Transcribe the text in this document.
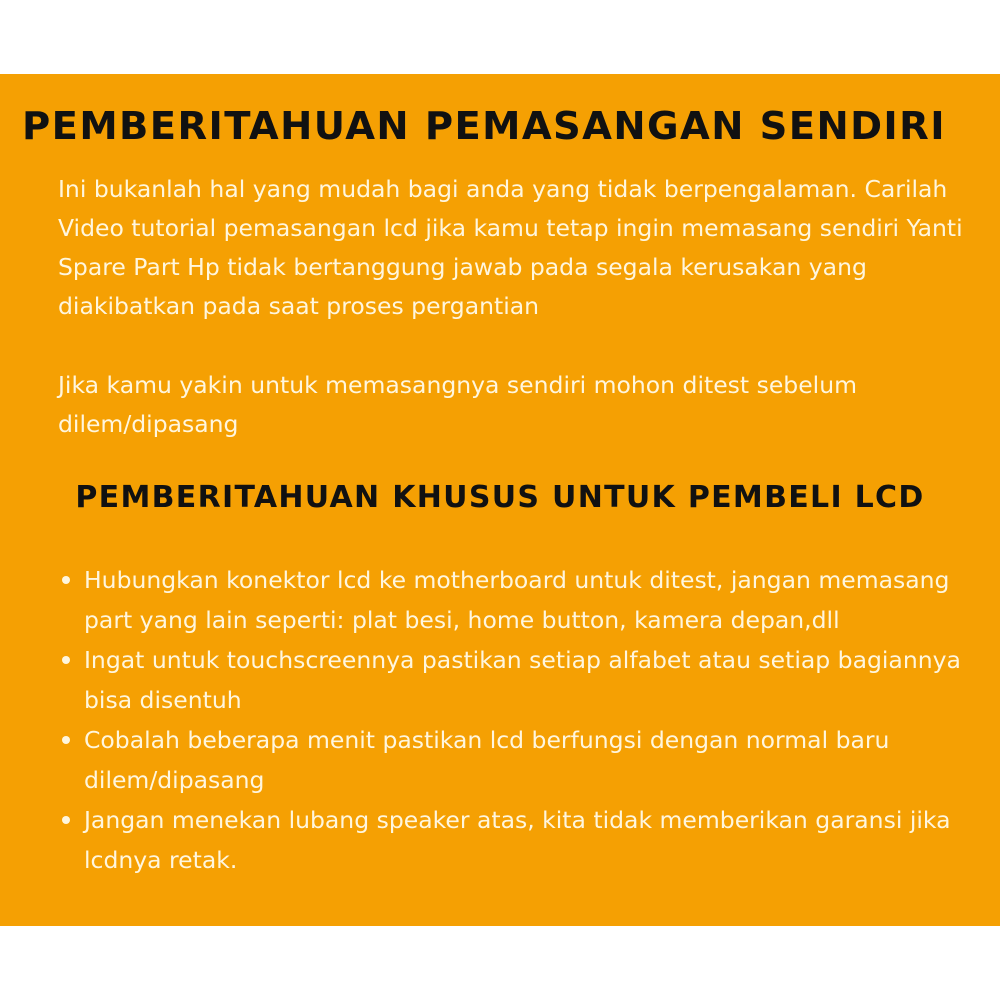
PEMBERITAHUAN PEMASANGAN SENDIRI

Ini bukanlah hal yang mudah bagi anda yang tidak berpengalaman. Carilah Video tutorial pemasangan lcd jika kamu tetap ingin memasang sendiri Yanti Spare Part Hp tidak bertanggung jawab pada segala kerusakan yang diakibatkan pada saat proses pergantian

Jika kamu yakin untuk memasangnya sendiri mohon ditest sebelum dilem/dipasang

PEMBERITAHUAN KHUSUS UNTUK PEMBELI LCD
Hubungkan konektor lcd ke motherboard untuk ditest, jangan memasang part yang lain seperti: plat besi, home button, kamera depan,dll
Ingat untuk touchscreennya pastikan setiap alfabet atau setiap bagiannya bisa disentuh
Cobalah beberapa menit pastikan lcd berfungsi dengan normal baru dilem/dipasang
Jangan menekan lubang speaker atas, kita tidak memberikan garansi jika lcdnya retak.
